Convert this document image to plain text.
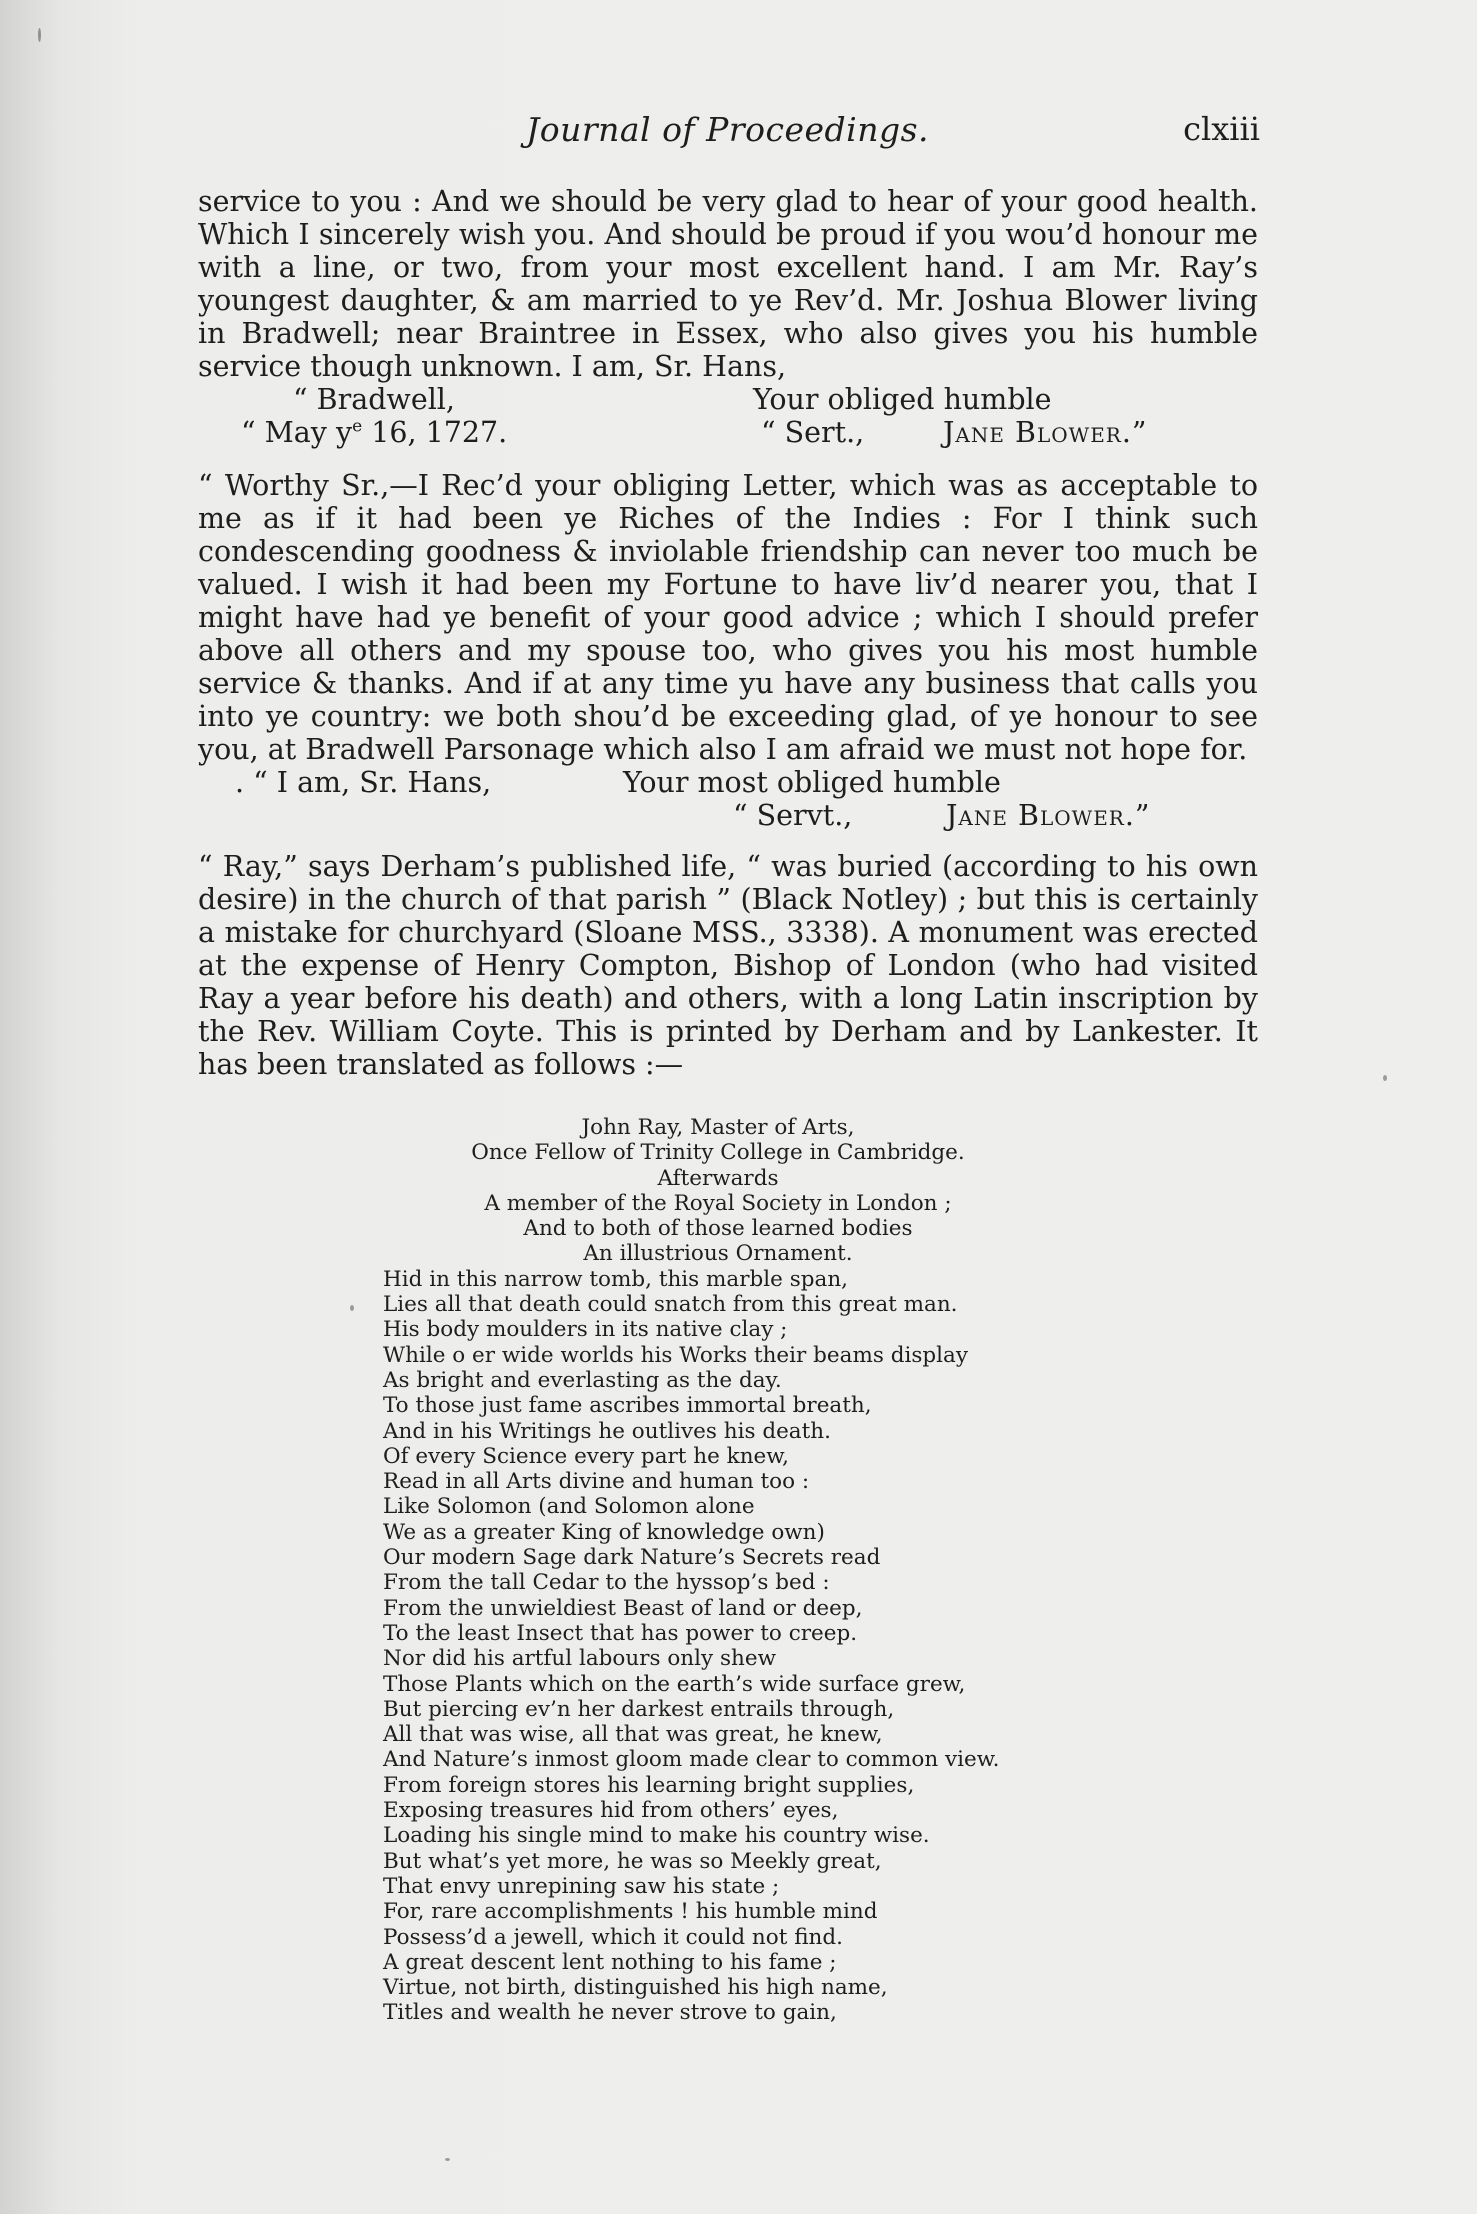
Journal of Proceedings.	clxiii

service to you : And we should be very glad to hear of your good health. Which I sincerely wish you. And should be proud if you wou’d honour me with a line, or two, from your most excellent hand. I am Mr. Ray’s youngest daughter, & am married to ye Rev’d. Mr. Joshua Blower living in Bradwell; near Braintree in Essex, who also gives you his humble service though unknown. I am, Sr. Hans,

“ Bradwell,	Your obliged humble
“ May $y^e$ 16, 1727.	“ Sert.,	Jane Blower.”

“ Worthy Sr.,—I Rec’d your obliging Letter, which was as acceptable to me as if it had been ye Riches of the Indies : For I think such condescending goodness & inviolable friendship can never too much be valued. I wish it had been my Fortune to have liv’d nearer you, that I might have had ye benefit of your good advice ; which I should prefer above all others and my spouse too, who gives you his most humble service & thanks. And if at any time yu have any business that calls you into ye country: we both shou’d be exceeding glad, of ye honour to see you, at Bradwell Parsonage which also I am afraid we must not hope for.

. “ I am, Sr. Hans,	Your most obliged humble
“ Servt.,	Jane Blower.”

“ Ray,” says Derham’s published life, “ was buried (according to his own desire) in the church of that parish ” (Black Notley) ; but this is certainly a mistake for churchyard (Sloane MSS., 3338). A monument was erected at the expense of Henry Compton, Bishop of London (who had visited Ray a year before his death) and others, with a long Latin inscription by the Rev. William Coyte. This is printed by Derham and by Lankester. It has been translated as follows :—

John Ray, Master of Arts,
Once Fellow of Trinity College in Cambridge.
Afterwards
A member of the Royal Society in London ;
And to both of those learned bodies
An illustrious Ornament.
Hid in this narrow tomb, this marble span,
Lies all that death could snatch from this great man.
His body moulders in its native clay ;
While o er wide worlds his Works their beams display
As bright and everlasting as the day.
To those just fame ascribes immortal breath,
And in his Writings he outlives his death.
Of every Science every part he knew,
Read in all Arts divine and human too :
Like Solomon (and Solomon alone
We as a greater King of knowledge own)
Our modern Sage dark Nature’s Secrets read
From the tall Cedar to the hyssop’s bed :
From the unwieldiest Beast of land or deep,
To the least Insect that has power to creep.
Nor did his artful labours only shew
Those Plants which on the earth’s wide surface grew,
But piercing ev’n her darkest entrails through,
All that was wise, all that was great, he knew,
And Nature’s inmost gloom made clear to common view.
From foreign stores his learning bright supplies,
Exposing treasures hid from others’ eyes,
Loading his single mind to make his country wise.
But what’s yet more, he was so Meekly great,
That envy unrepining saw his state ;
For, rare accomplishments ! his humble mind
Possess’d a jewell, which it could not find.
A great descent lent nothing to his fame ;
Virtue, not birth, distinguished his high name,
Titles and wealth he never strove to gain,
